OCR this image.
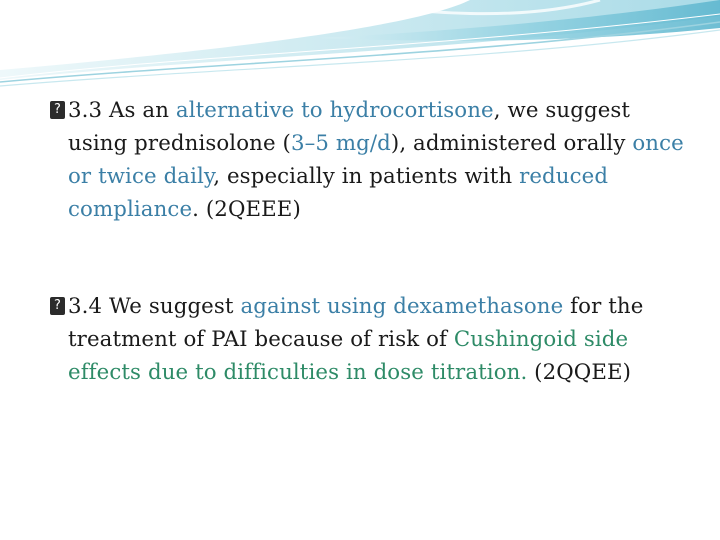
? 3.3 As an alternative to hydrocortisone, we suggest using prednisolone (3–5 mg/d), administered orally once or twice daily, especially in patients with reduced compliance. (2QEEE)

? 3.4 We suggest against using dexamethasone for the treatment of PAI because of risk of Cushingoid side effects due to difficulties in dose titration. (2QQEE)
